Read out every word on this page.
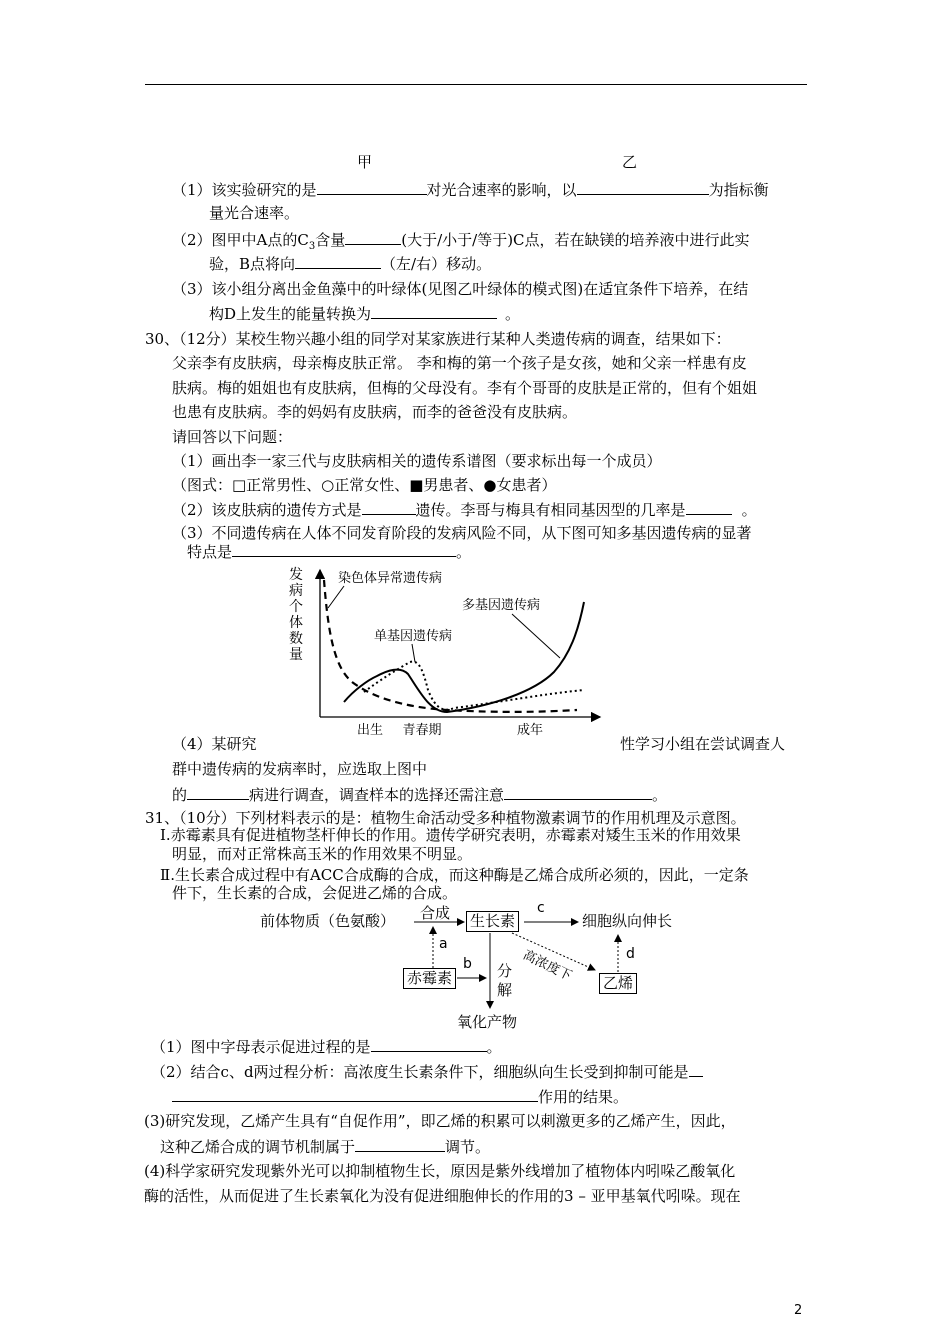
甲	乙
（1）该实验研究的是	对光合速率的影响，以	为指标衡
量光合速率。
（2）图甲中A点的$C_3$含量	(大于/小于/等于)C点，若在缺镁的培养液中进行此实
验，B点将向	（左/右）移动。
（3）该小组分离出金鱼藻中的叶绿体(见图乙叶绿体的模式图)在适宜条件下培养，在结
构D上发生的能量转换为	。
30、（12分）某校生物兴趣小组的同学对某家族进行某种人类遗传病的调查，结果如下：
父亲李有皮肤病，母亲梅皮肤正常。 李和梅的第一个孩子是女孩，她和父亲一样患有皮
肤病。梅的姐姐也有皮肤病，但梅的父母没有。李有个哥哥的皮肤是正常的，但有个姐姐
也患有皮肤病。李的妈妈有皮肤病，而李的爸爸没有皮肤病。
请回答以下问题：
（1）画出李一家三代与皮肤病相关的遗传系谱图（要求标出每一个成员）
（图式：□正常男性、○正常女性、■男患者、●女患者）
（2）该皮肤病的遗传方式是	遗传。李哥与梅具有相同基因型的几率是	。
（3）不同遗传病在人体不同发育阶段的发病风险不同，从下图可知多基因遗传病的显著
特点是	。
发
病
个
体
数
量
出生 青春期	成年
染色体异常遗传病
单基因遗传病
多基因遗传病
（4）某研究	性学习小组在尝试调查人
群中遗传病的发病率时，应选取上图中
的	病进行调查，调查样本的选择还需注意	。
31、（10分）下列材料表示的是：植物生命活动受多种植物激素调节的作用机理及示意图。
Ⅰ.赤霉素具有促进植物茎杆伸长的作用。遗传学研究表明，赤霉素对矮生玉米的作用效果
明显，而对正常株高玉米的作用效果不明显。
Ⅱ.生长素合成过程中有ACC合成酶的合成，而这种酶是乙烯合成所必须的，因此，一定条
件下，生长素的合成，会促进乙烯的合成。
前体物质（色氨酸） 合成 生长素
c
细胞纵向伸长
a
b
d
高浓度下
赤霉素	分
解	乙烯
氧化产物
（1）图中字母表示促进过程的是	。
（2）结合c、d两过程分析：高浓度生长素条件下，细胞纵向生长受到抑制可能是
作用的结果。
(3)研究发现，乙烯产生具有“自促作用”，即乙烯的积累可以刺激更多的乙烯产生，因此，
这种乙烯合成的调节机制属于	调节。
(4)科学家研究发现紫外光可以抑制植物生长，原因是紫外线增加了植物体内吲哚乙酸氧化
酶的活性，从而促进了生长素氧化为没有促进细胞伸长的作用的3 – 亚甲基氧代吲哚。现在
2
